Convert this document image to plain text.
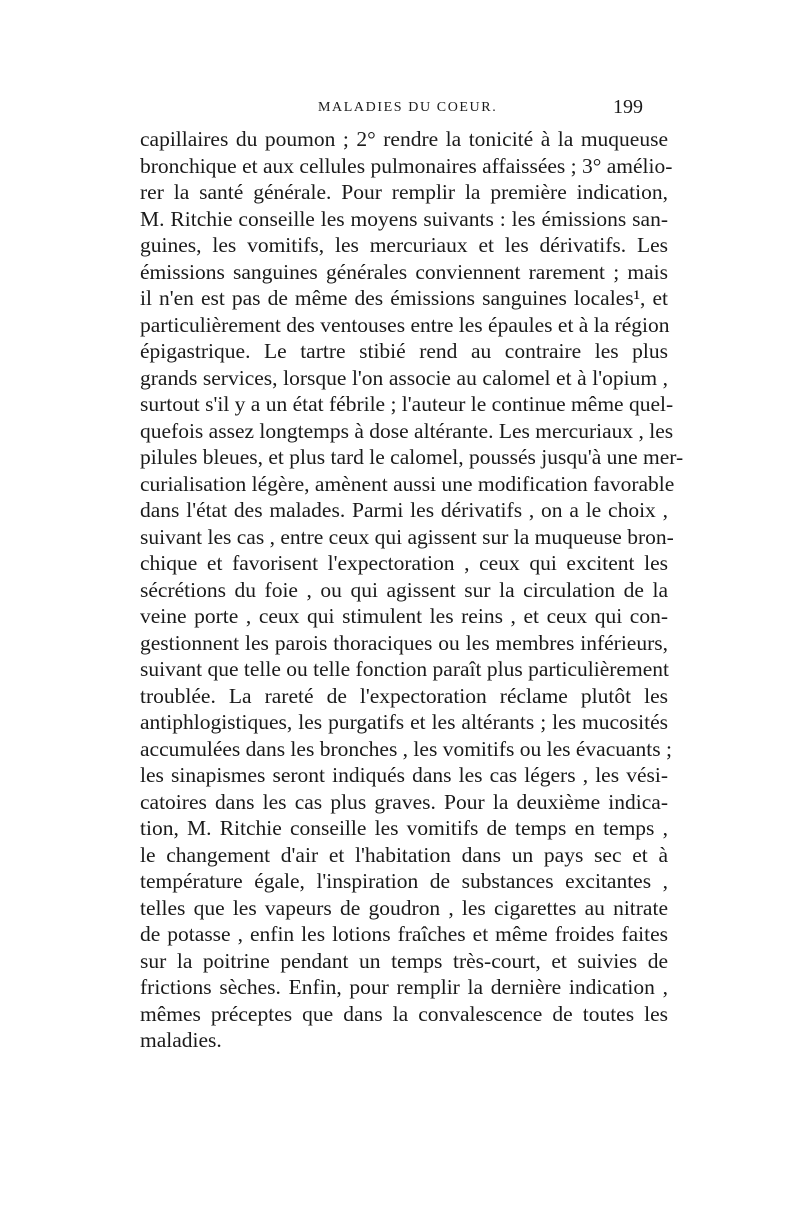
MALADIES DU COEUR.	199
capillaires du poumon ; 2° rendre la tonicité à la muqueuse
bronchique et aux cellules pulmonaires affaissées ; 3° amélio-
rer la santé générale. Pour remplir la première indication,
M. Ritchie conseille les moyens suivants : les émissions san-
guines, les vomitifs, les mercuriaux et les dérivatifs. Les
émissions sanguines générales conviennent rarement ; mais
il n'en est pas de même des émissions sanguines locales¹, et
particulièrement des ventouses entre les épaules et à la région
épigastrique. Le tartre stibié rend au contraire les plus
grands services, lorsque l'on associe au calomel et à l'opium ,
surtout s'il y a un état fébrile ; l'auteur le continue même quel-
quefois assez longtemps à dose altérante. Les mercuriaux , les
pilules bleues, et plus tard le calomel, poussés jusqu'à une mer-
curialisation légère, amènent aussi une modification favorable
dans l'état des malades. Parmi les dérivatifs , on a le choix ,
suivant les cas , entre ceux qui agissent sur la muqueuse bron-
chique et favorisent l'expectoration , ceux qui excitent les
sécrétions du foie , ou qui agissent sur la circulation de la
veine porte , ceux qui stimulent les reins , et ceux qui con-
gestionnent les parois thoraciques ou les membres inférieurs,
suivant que telle ou telle fonction paraît plus particulièrement
troublée. La rareté de l'expectoration réclame plutôt les
antiphlogistiques, les purgatifs et les altérants ; les mucosités
accumulées dans les bronches , les vomitifs ou les évacuants ;
les sinapismes seront indiqués dans les cas légers , les vési-
catoires dans les cas plus graves. Pour la deuxième indica-
tion, M. Ritchie conseille les vomitifs de temps en temps ,
le changement d'air et l'habitation dans un pays sec et à
température égale, l'inspiration de substances excitantes ,
telles que les vapeurs de goudron , les cigarettes au nitrate
de potasse , enfin les lotions fraîches et même froides faites
sur la poitrine pendant un temps très-court, et suivies de
frictions sèches. Enfin, pour remplir la dernière indication ,
mêmes préceptes que dans la convalescence de toutes les
maladies.
